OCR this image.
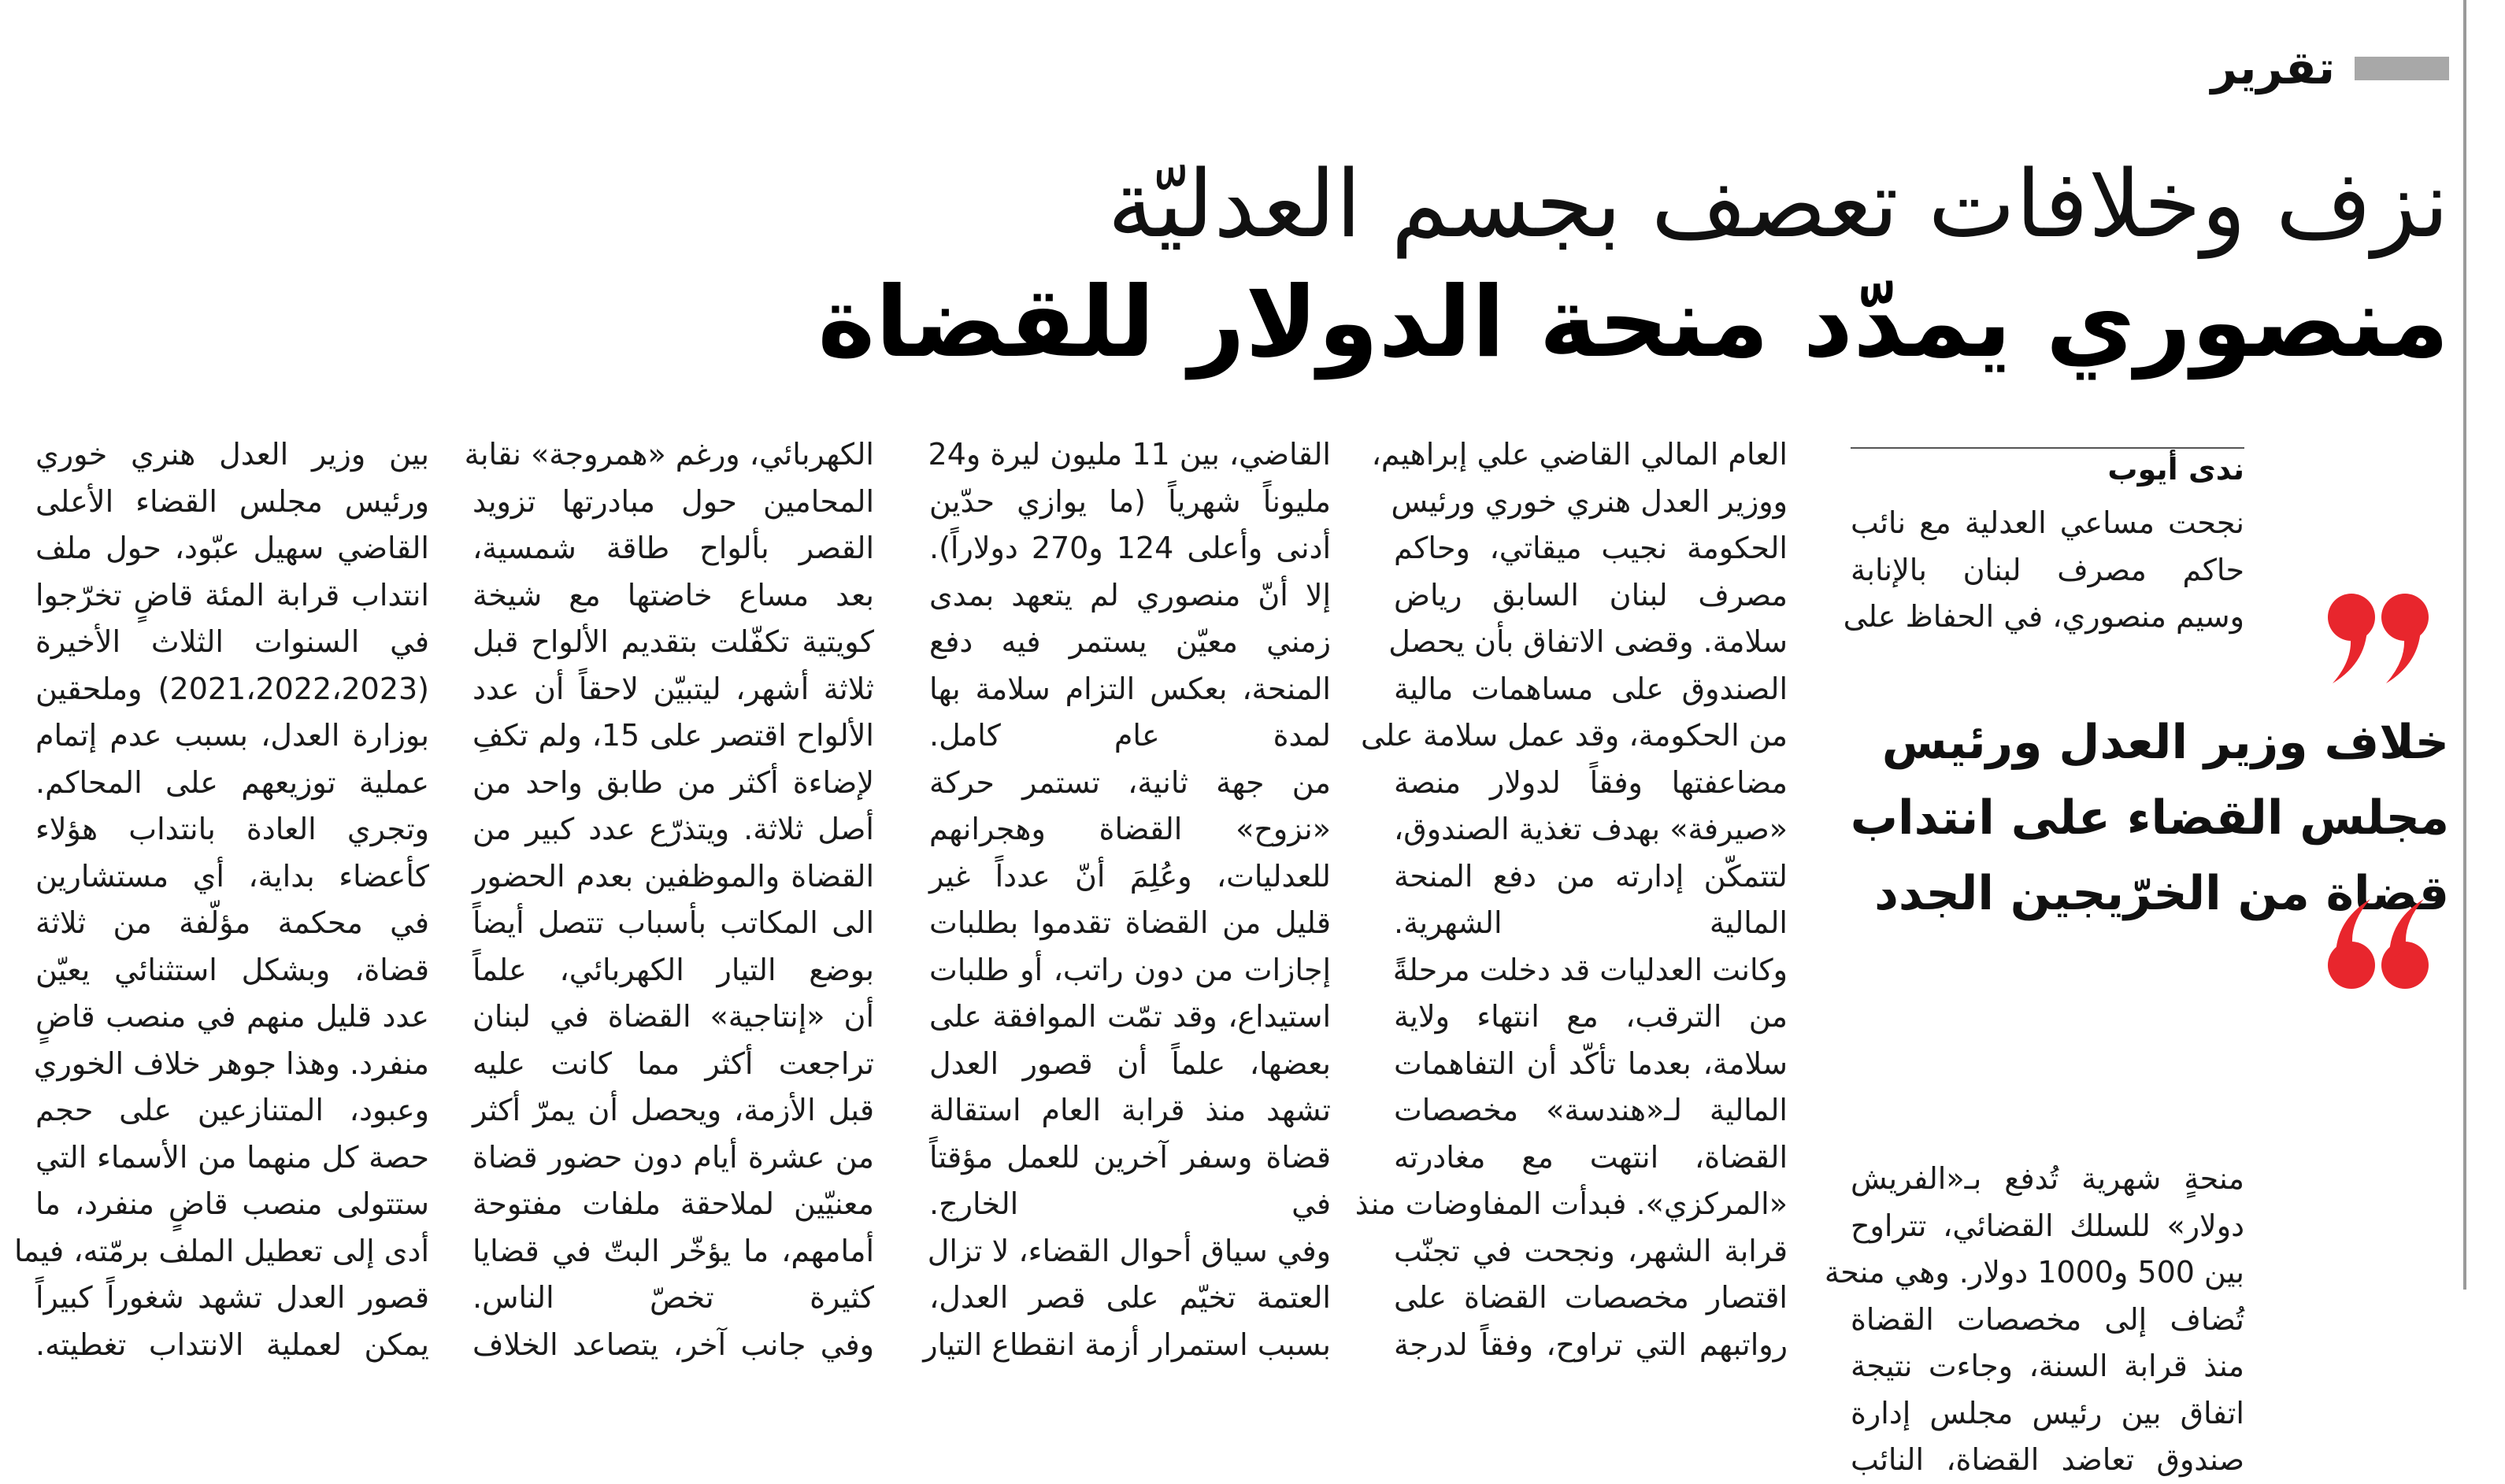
تقرير
نزف وخلافات تعصف بجسم العدليّة
منصوري يمدّد منحة الدولار للقضاة
ندى أيوب
خلاف وزير العدل ورئيس
مجلس القضاء على انتداب
قضاة من الخرّيجين الجدد
نجحت مساعي العدلية مع نائب
حاكم مصرف لبنان بالإنابة
وسيم منصوري، في الحفاظ على
منحةٍ شهرية تُدفع بـ«الفريش
دولار» للسلك القضائي، تتراوح
بين 500 و1000 دولار. وهي منحة
تُضاف إلى مخصصات القضاة
منذ قرابة السنة، وجاءت نتيجة
اتفاق بين رئيس مجلس إدارة
صندوق تعاضد القضاة، النائب
العام المالي القاضي علي إبراهيم،
ووزير العدل هنري خوري ورئيس
الحكومة نجيب ميقاتي، وحاكم
مصرف لبنان السابق رياض
سلامة. وقضى الاتفاق بأن يحصل
الصندوق على مساهمات مالية
من الحكومة، وقد عمل سلامة على
مضاعفتها وفقاً لدولار منصة
«صيرفة» بهدف تغذية الصندوق،
لتتمكّن إدارته من دفع المنحة
المالية الشهرية.
وكانت العدليات قد دخلت مرحلةً
من الترقب، مع انتهاء ولاية
سلامة، بعدما تأكّد أن التفاهمات
المالية لـ«هندسة» مخصصات
القضاة، انتهت مع مغادرته
«المركزي». فبدأت المفاوضات منذ
قرابة الشهر، ونجحت في تجنّب
اقتصار مخصصات القضاة على
رواتبهم التي تراوح، وفقاً لدرجة
القاضي، بين 11 مليون ليرة و24
مليوناً شهرياً (ما يوازي حدّين
أدنى وأعلى 124 و270 دولاراً).
إلا أنّ منصوري لم يتعهد بمدى
زمني معيّن يستمر فيه دفع
المنحة، بعكس التزام سلامة بها
لمدة عام كامل.
من جهة ثانية، تستمر حركة
«نزوح» القضاة وهجرانهم
للعدليات، وعُلِمَ أنّ عدداً غير
قليل من القضاة تقدموا بطلبات
إجازات من دون راتب، أو طلبات
استيداع، وقد تمّت الموافقة على
بعضها، علماً أن قصور العدل
تشهد منذ قرابة العام استقالة
قضاة وسفر آخرين للعمل مؤقتاً
في الخارج.
وفي سياق أحوال القضاء، لا تزال
العتمة تخيّم على قصر العدل،
بسبب استمرار أزمة انقطاع التيار
الكهربائي، ورغم «همروجة» نقابة
المحامين حول مبادرتها تزويد
القصر بألواح طاقة شمسية،
بعد مساع خاضتها مع شيخة
كويتية تكفّلت بتقديم الألواح قبل
ثلاثة أشهر، ليتبيّن لاحقاً أن عدد
الألواح اقتصر على 15، ولم تكفِ
لإضاءة أكثر من طابق واحد من
أصل ثلاثة. ويتذرّع عدد كبير من
القضاة والموظفين بعدم الحضور
الى المكاتب بأسباب تتصل أيضاً
بوضع التيار الكهربائي، علماً
أن «إنتاجية» القضاة في لبنان
تراجعت أكثر مما كانت عليه
قبل الأزمة، ويحصل أن يمرّ أكثر
من عشرة أيام دون حضور قضاة
معنيّين لملاحقة ملفات مفتوحة
أمامهم، ما يؤخّر البتّ في قضايا
كثيرة تخصّ الناس.
وفي جانب آخر، يتصاعد الخلاف
بين وزير العدل هنري خوري
ورئيس مجلس القضاء الأعلى
القاضي سهيل عبّود، حول ملف
انتداب قرابة المئة قاضٍ تخرّجوا
في السنوات الثلاث الأخيرة
(2021،2022،2023) وملحقين
بوزارة العدل، بسبب عدم إتمام
عملية توزيعهم على المحاكم.
وتجري العادة بانتداب هؤلاء
كأعضاء بداية، أي مستشارين
في محكمة مؤلّفة من ثلاثة
قضاة، وبشكل استثنائي يعيّن
عدد قليل منهم في منصب قاضٍ
منفرد. وهذا جوهر خلاف الخوري
وعبود، المتنازعين على حجم
حصة كل منهما من الأسماء التي
ستتولى منصب قاضٍ منفرد، ما
أدى إلى تعطيل الملف برمّته، فيما
قصور العدل تشهد شغوراً كبيراً
يمكن لعملية الانتداب تغطيته.
